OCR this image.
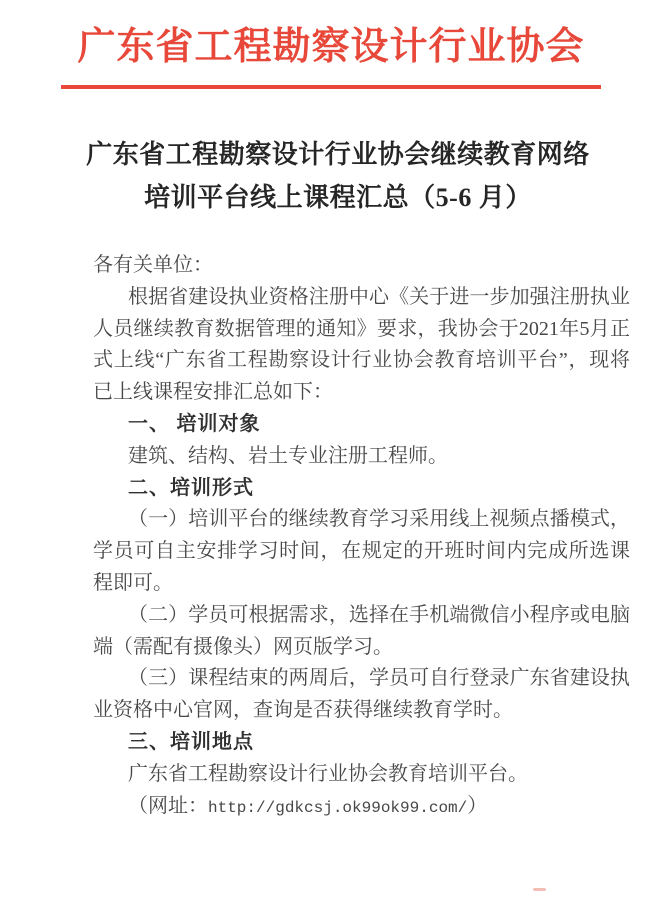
广东省工程勘察设计行业协会
广东省工程勘察设计行业协会继续教育网络
培训平台线上课程汇总（5-6 月）

各有关单位：

根据省建设执业资格注册中心《关于进一步加强注册执业人员继续教育数据管理的通知》要求，我协会于2021年5月正式上线“广东省工程勘察设计行业协会教育培训平台”，现将已上线课程安排汇总如下：

一、 培训对象

建筑、结构、岩土专业注册工程师。

二、培训形式

（一）培训平台的继续教育学习采用线上视频点播模式，学员可自主安排学习时间，在规定的开班时间内完成所选课程即可。

（二）学员可根据需求，选择在手机端微信小程序或电脑端（需配有摄像头）网页版学习。

（三）课程结束的两周后，学员可自行登录广东省建设执业资格中心官网，查询是否获得继续教育学时。

三、培训地点

广东省工程勘察设计行业协会教育培训平台。

（网址：http://gdkcsj.ok99ok99.com/）
